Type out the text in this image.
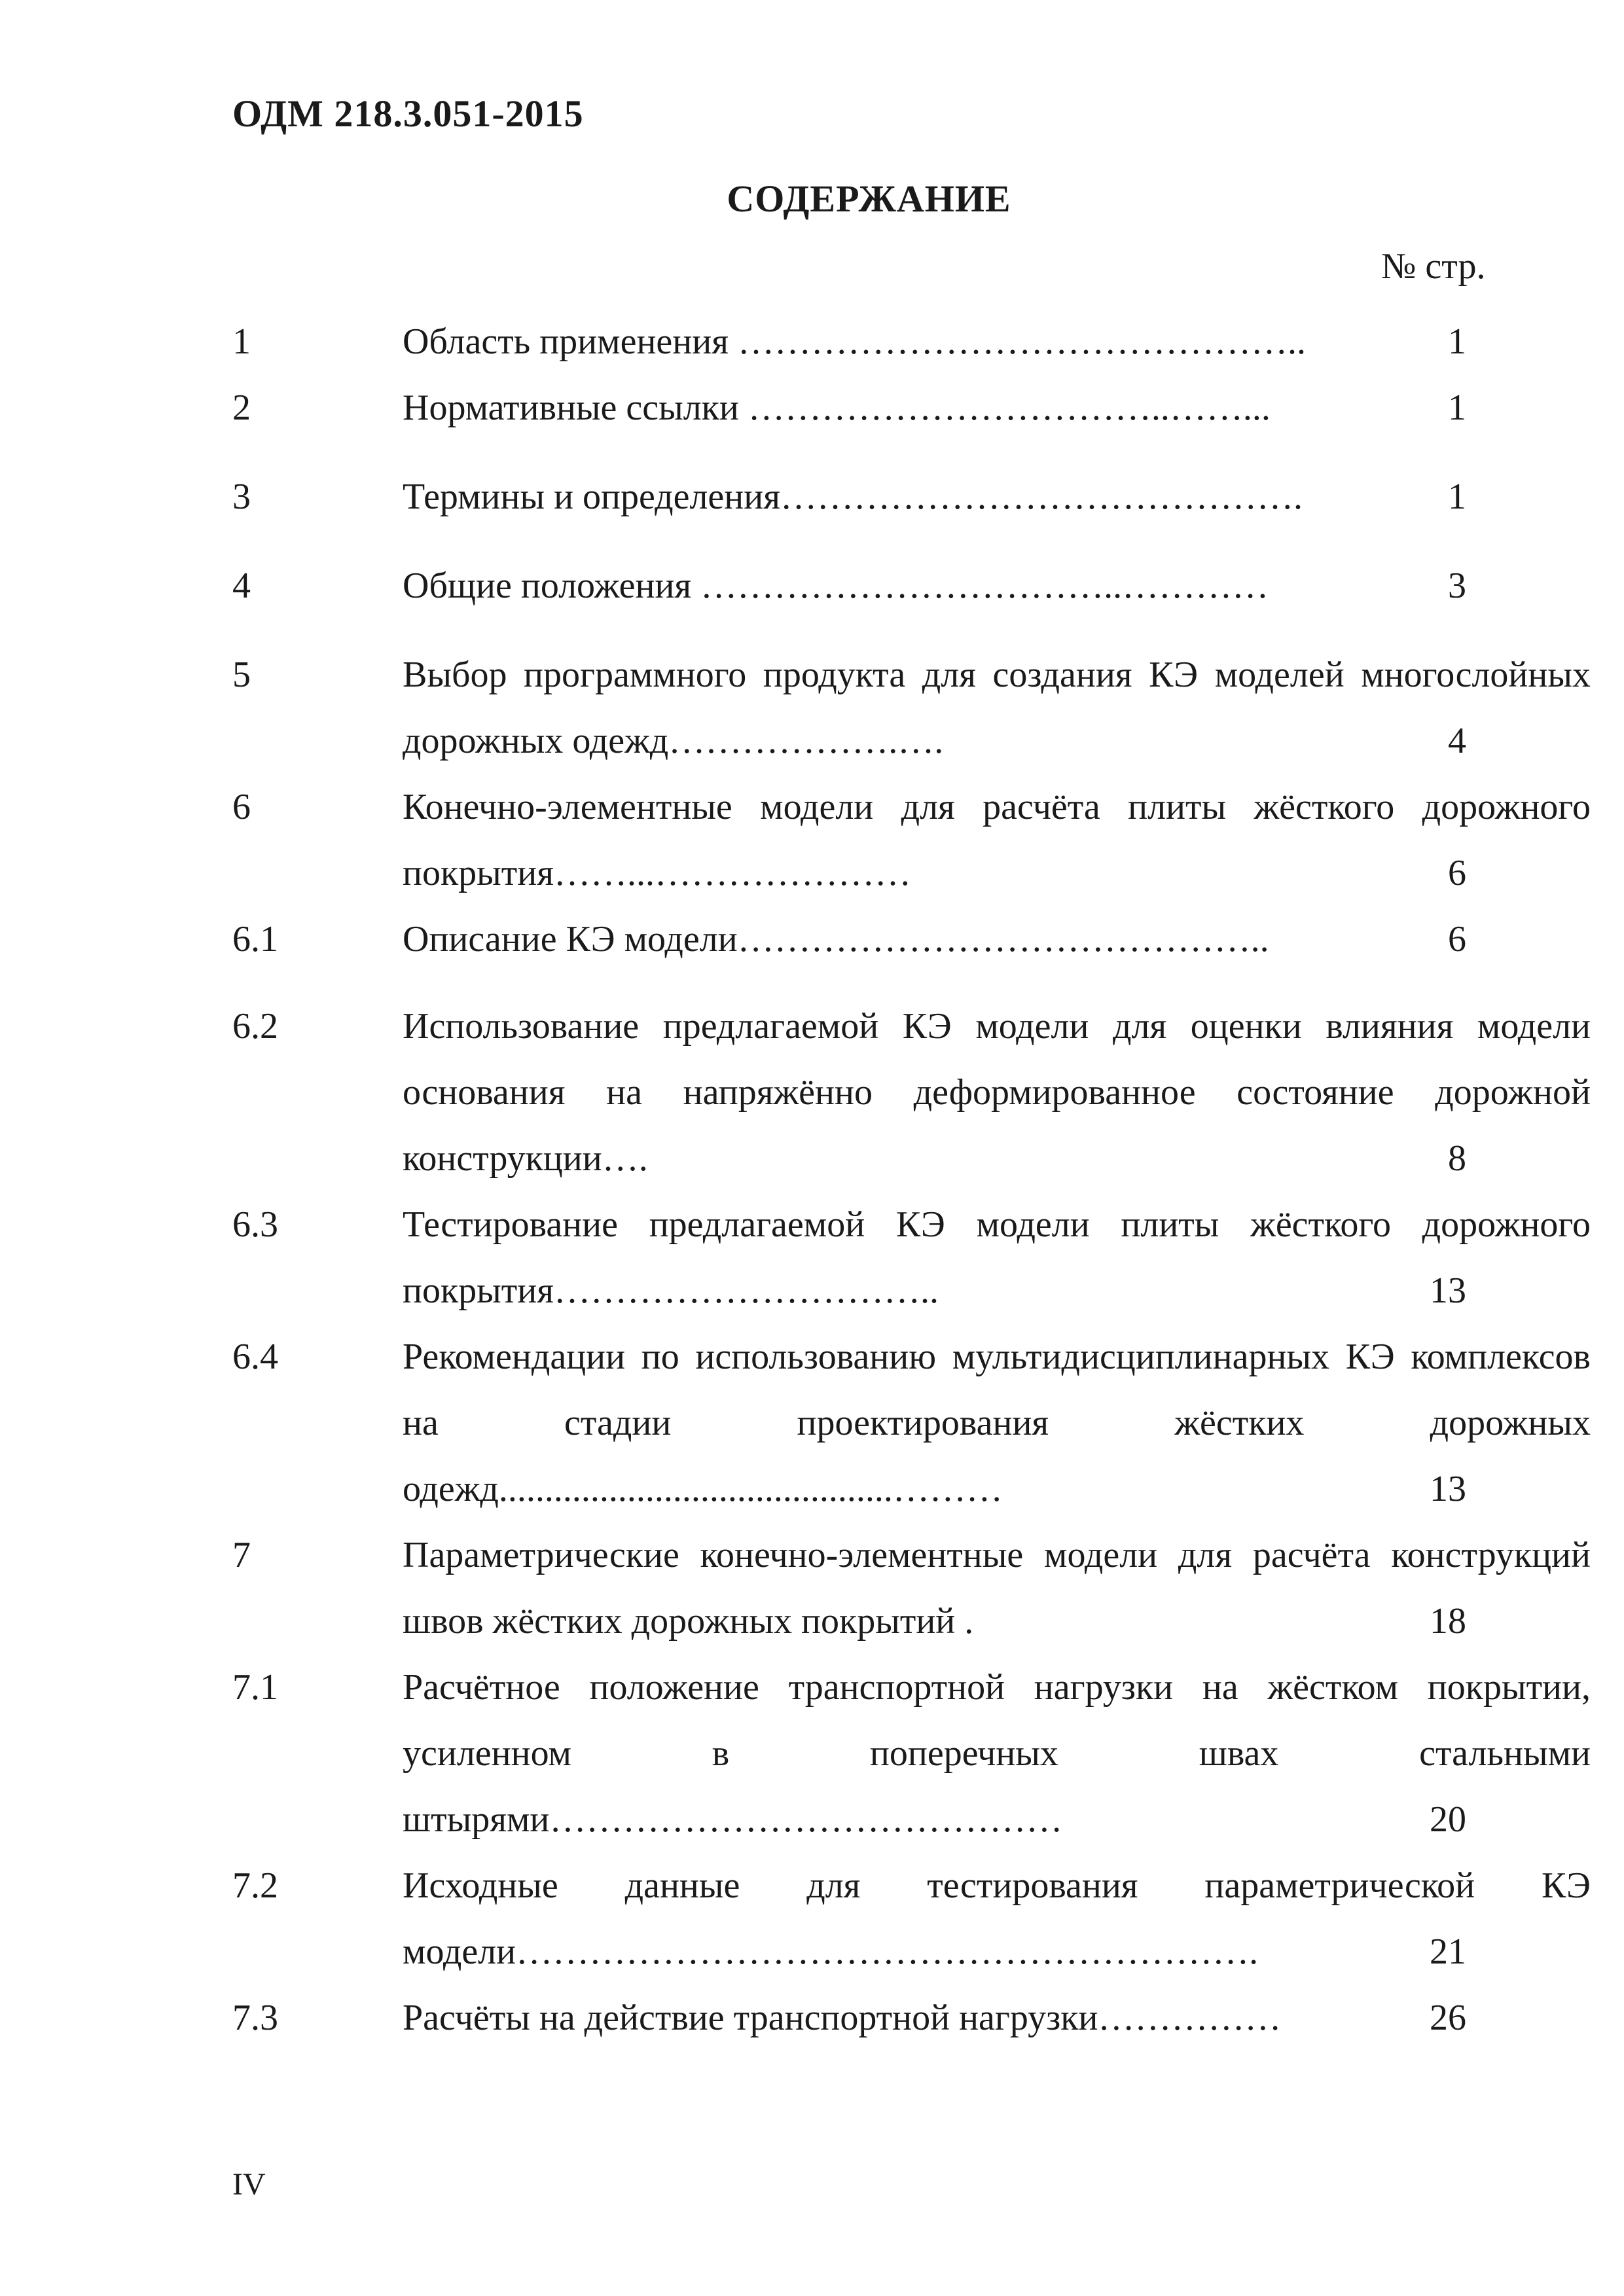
ОДМ 218.3.051-2015
СОДЕРЖАНИЕ
№ стр.
1	Область применения ………………………………………..	1
2	Нормативные ссылки ……………………………..……...	1
3	Термины и определения…………………………………….	1
4	Общие положения ……………………………..…………	3
5	Выбор программного продукта для создания КЭ моделей многослойных дорожных одежд……………….….	4
6	Конечно-элементные модели для расчёта плиты жёсткого дорожного покрытия……...…………………	6
6.1	Описание КЭ модели……………………………………..	6
6.2	Использование предлагаемой КЭ модели для оценки влияния модели основания на напряжённо деформированное состояние дорожной конструкции….	8
6.3	Тестирование предлагаемой КЭ модели плиты жёсткого дорожного покрытия…………………………..	13
6.4	Рекомендации по использованию мультидисциплинарных КЭ комплексов на стадии проектирования жёстких дорожных одежд...........................................………	13
7	Параметрические конечно-элементные модели для расчёта конструкций швов жёстких дорожных покрытий .	18
7.1	Расчётное положение транспортной нагрузки на жёстком покрытии, усиленном в поперечных швах стальными штырями……………………………………	20
7.2	Исходные данные для тестирования параметрической КЭ модели…………………………………………………….	21
7.3	Расчёты на действие транспортной нагрузки……………	26
IV
